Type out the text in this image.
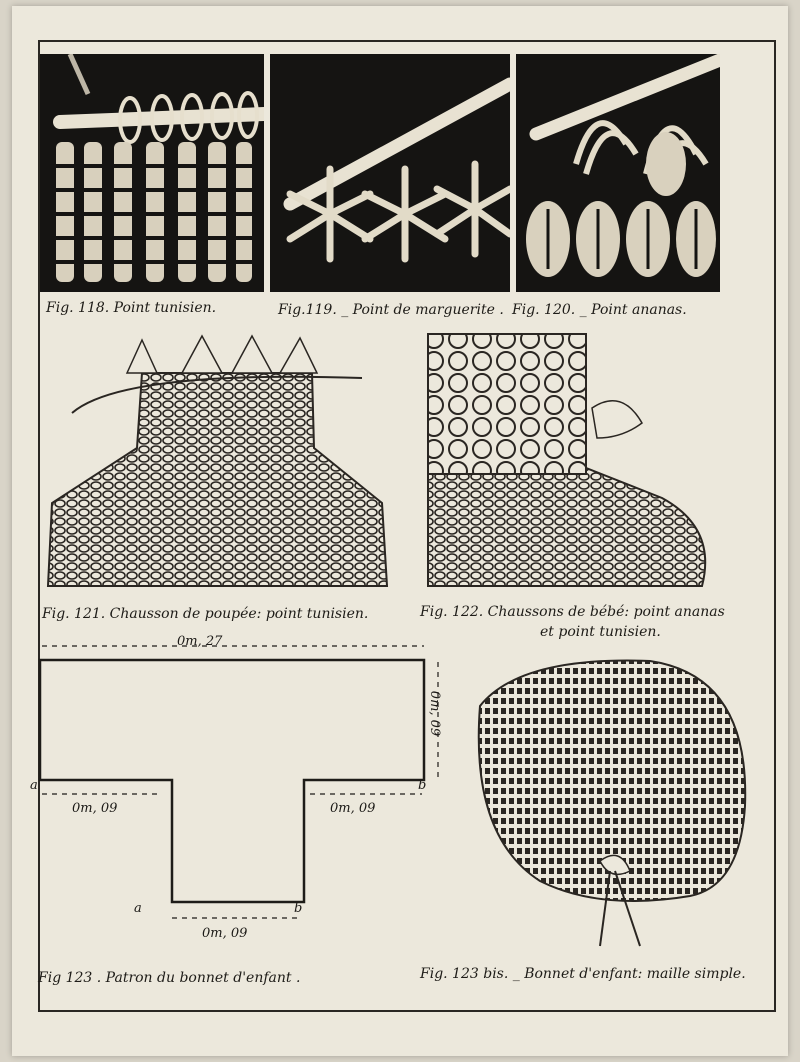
Fig. 118. Point tunisien.	Fig.119. _ Point de marguerite . Fig. 120. _ Point ananas.

Fig. 121. Chausson de poupée: point tunisien.	Fig. 122. Chaussons de bébé: point ananas
et point tunisien.
0m, 27
0m, 09
0m, 09	0m, 09
0m, 09
a	b
a	b
Fig 123 . Patron du bonnet d'enfant .	Fig. 123 bis. _ Bonnet d'enfant: maille simple.
